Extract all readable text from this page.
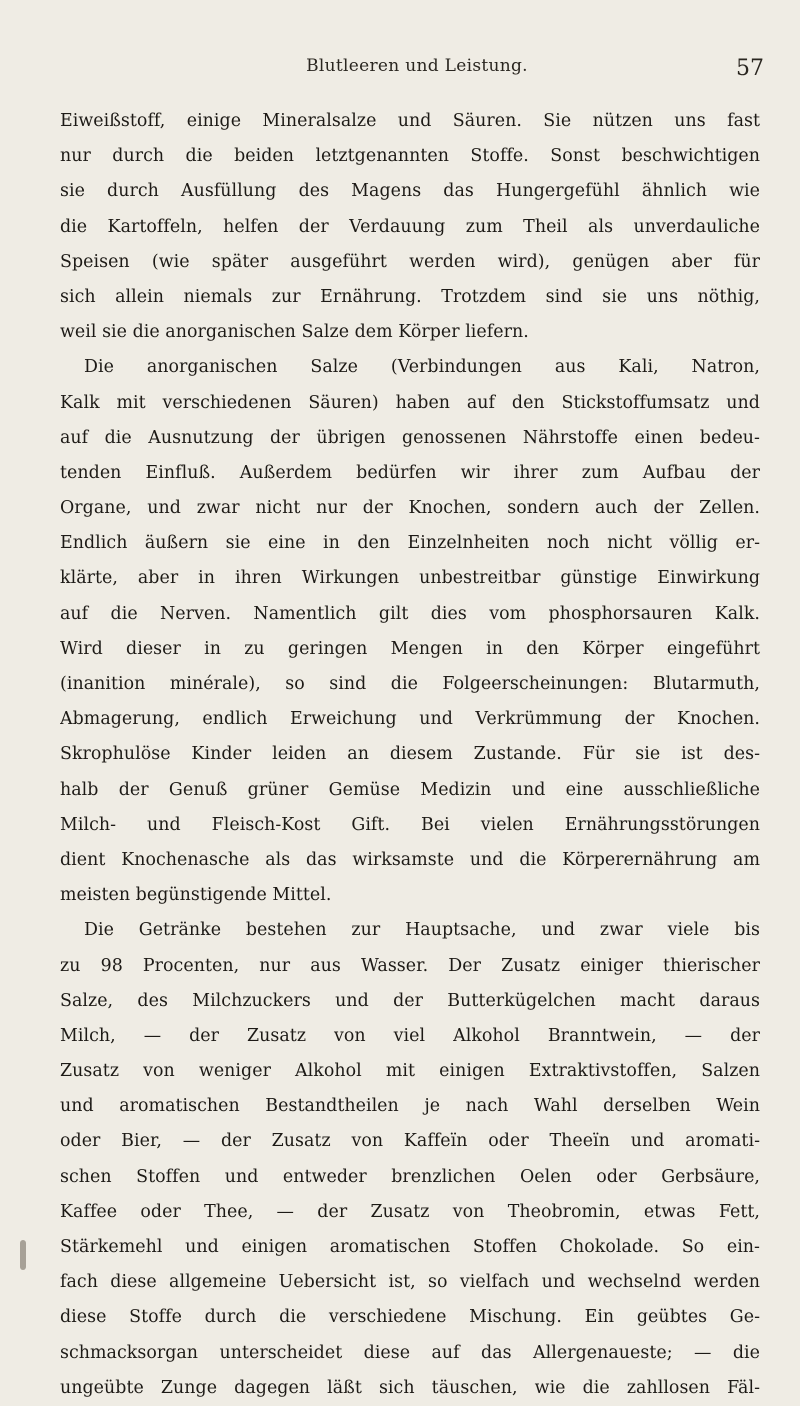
Blutleeren und Leistung.	57
Eiweißstoff, einige Mineralsalze und Säuren. Sie nützen uns fast
nur durch die beiden letztgenannten Stoffe. Sonst beschwichtigen
sie durch Ausfüllung des Magens das Hungergefühl ähnlich wie
die Kartoffeln, helfen der Verdauung zum Theil als unverdauliche
Speisen (wie später ausgeführt werden wird), genügen aber für
sich allein niemals zur Ernährung. Trotzdem sind sie uns nöthig,
weil sie die anorganischen Salze dem Körper liefern.
Die anorganischen Salze (Verbindungen aus Kali, Natron,
Kalk mit verschiedenen Säuren) haben auf den Stickstoffumsatz und
auf die Ausnutzung der übrigen genossenen Nährstoffe einen bedeu-
tenden Einfluß. Außerdem bedürfen wir ihrer zum Aufbau der
Organe, und zwar nicht nur der Knochen, sondern auch der Zellen.
Endlich äußern sie eine in den Einzelnheiten noch nicht völlig er-
klärte, aber in ihren Wirkungen unbestreitbar günstige Einwirkung
auf die Nerven. Namentlich gilt dies vom phosphorsauren Kalk.
Wird dieser in zu geringen Mengen in den Körper eingeführt
(inanition minérale), so sind die Folgeerscheinungen: Blutarmuth,
Abmagerung, endlich Erweichung und Verkrümmung der Knochen.
Skrophulöse Kinder leiden an diesem Zustande. Für sie ist des-
halb der Genuß grüner Gemüse Medizin und eine ausschließliche
Milch- und Fleisch-Kost Gift. Bei vielen Ernährungsstörungen
dient Knochenasche als das wirksamste und die Körperernährung am
meisten begünstigende Mittel.
Die Getränke bestehen zur Hauptsache, und zwar viele bis
zu 98 Procenten, nur aus Wasser. Der Zusatz einiger thierischer
Salze, des Milchzuckers und der Butterkügelchen macht daraus
Milch, — der Zusatz von viel Alkohol Branntwein, — der
Zusatz von weniger Alkohol mit einigen Extraktivstoffen, Salzen
und aromatischen Bestandtheilen je nach Wahl derselben Wein
oder Bier, — der Zusatz von Kaffeïn oder Theeïn und aromati-
schen Stoffen und entweder brenzlichen Oelen oder Gerbsäure,
Kaffee oder Thee, — der Zusatz von Theobromin, etwas Fett,
Stärkemehl und einigen aromatischen Stoffen Chokolade. So ein-
fach diese allgemeine Uebersicht ist, so vielfach und wechselnd werden
diese Stoffe durch die verschiedene Mischung. Ein geübtes Ge-
schmacksorgan unterscheidet diese auf das Allergenaueste; — die
ungeübte Zunge dagegen läßt sich täuschen, wie die zahllosen Fäl-
